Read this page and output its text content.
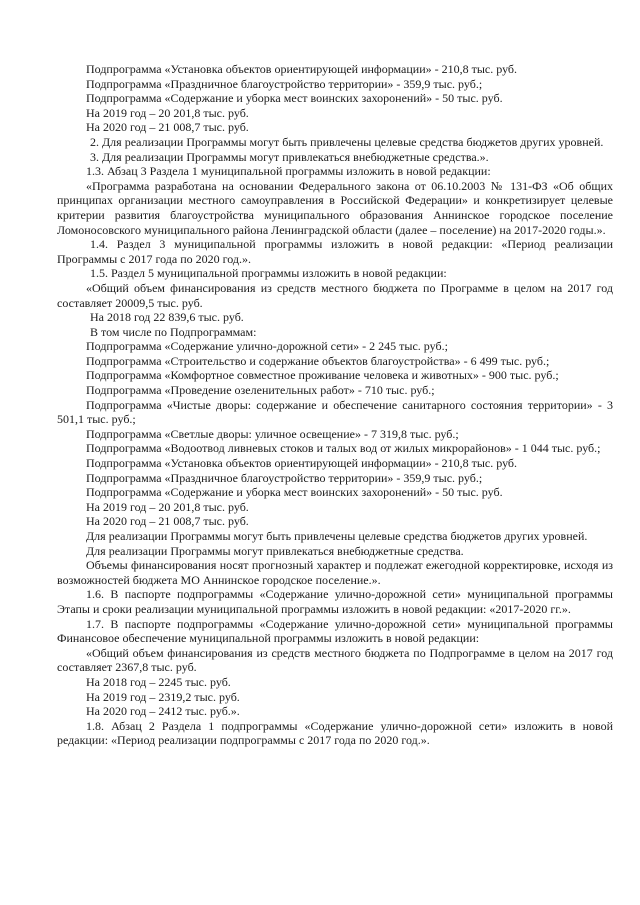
Подпрограмма «Установка объектов ориентирующей информации» - 210,8 тыс. руб.

Подпрограмма «Праздничное благоустройство территории» - 359,9 тыс. руб.;

Подпрограмма «Содержание и уборка мест воинских захоронений» - 50 тыс. руб.

На 2019 год – 20 201,8 тыс. руб.

На 2020 год – 21 008,7 тыс. руб.

2. Для реализации Программы могут быть привлечены целевые средства бюджетов других уровней.

3. Для реализации Программы могут привлекаться внебюджетные средства.».

1.3. Абзац 3 Раздела 1 муниципальной программы изложить в новой редакции:

«Программа разработана на основании Федерального закона от 06.10.2003 № 131-ФЗ «Об общих принципах организации местного самоуправления в Российской Федерации» и конкретизирует целевые критерии развития благоустройства муниципального образования Аннинское городское поселение Ломоносовского муниципального района Ленинградской области (далее – поселение) на 2017-2020 годы.».

1.4. Раздел 3 муниципальной программы изложить в новой редакции: «Период реализации Программы с 2017 года по 2020 год.».

1.5. Раздел 5 муниципальной программы изложить в новой редакции:

«Общий объем финансирования из средств местного бюджета по Программе в целом на 2017 год составляет 20009,5 тыс. руб.

На 2018 год 22 839,6 тыс. руб.

В том числе по Подпрограммам:

Подпрограмма «Содержание улично-дорожной сети» - 2 245 тыс. руб.;

Подпрограмма «Строительство и содержание объектов благоустройства» - 6 499 тыс. руб.;

Подпрограмма «Комфортное совместное проживание человека и животных» - 900 тыс. руб.;

Подпрограмма «Проведение озеленительных работ» - 710 тыс. руб.;

Подпрограмма «Чистые дворы: содержание и обеспечение санитарного состояния территории» - 3 501,1 тыс. руб.;

Подпрограмма «Светлые дворы: уличное освещение» - 7 319,8 тыс. руб.;

Подпрограмма «Водоотвод ливневых стоков и талых вод от жилых микрорайонов» - 1 044 тыс. руб.;

Подпрограмма «Установка объектов ориентирующей информации» - 210,8 тыс. руб.

Подпрограмма «Праздничное благоустройство территории» - 359,9 тыс. руб.;

Подпрограмма «Содержание и уборка мест воинских захоронений» - 50 тыс. руб.

На 2019 год – 20 201,8 тыс. руб.

На 2020 год – 21 008,7 тыс. руб.

Для реализации Программы могут быть привлечены целевые средства бюджетов других уровней.

Для реализации Программы могут привлекаться внебюджетные средства.

Объемы финансирования носят прогнозный характер и подлежат ежегодной корректировке, исходя из возможностей бюджета МО Аннинское городское поселение.».

1.6. В паспорте подпрограммы «Содержание улично-дорожной сети» муниципальной программы Этапы и сроки реализации муниципальной программы изложить в новой редакции: «2017-2020 гг.».

1.7. В паспорте подпрограммы «Содержание улично-дорожной сети» муниципальной программы Финансовое обеспечение муниципальной программы изложить в новой редакции:

«Общий объем финансирования из средств местного бюджета по Подпрограмме в целом на 2017 год составляет 2367,8 тыс. руб.

На 2018 год – 2245 тыс. руб.

На 2019 год – 2319,2 тыс. руб.

На 2020 год – 2412 тыс. руб.».

1.8. Абзац 2 Раздела 1 подпрограммы «Содержание улично-дорожной сети» изложить в новой редакции: «Период реализации подпрограммы с 2017 года по 2020 год.».
